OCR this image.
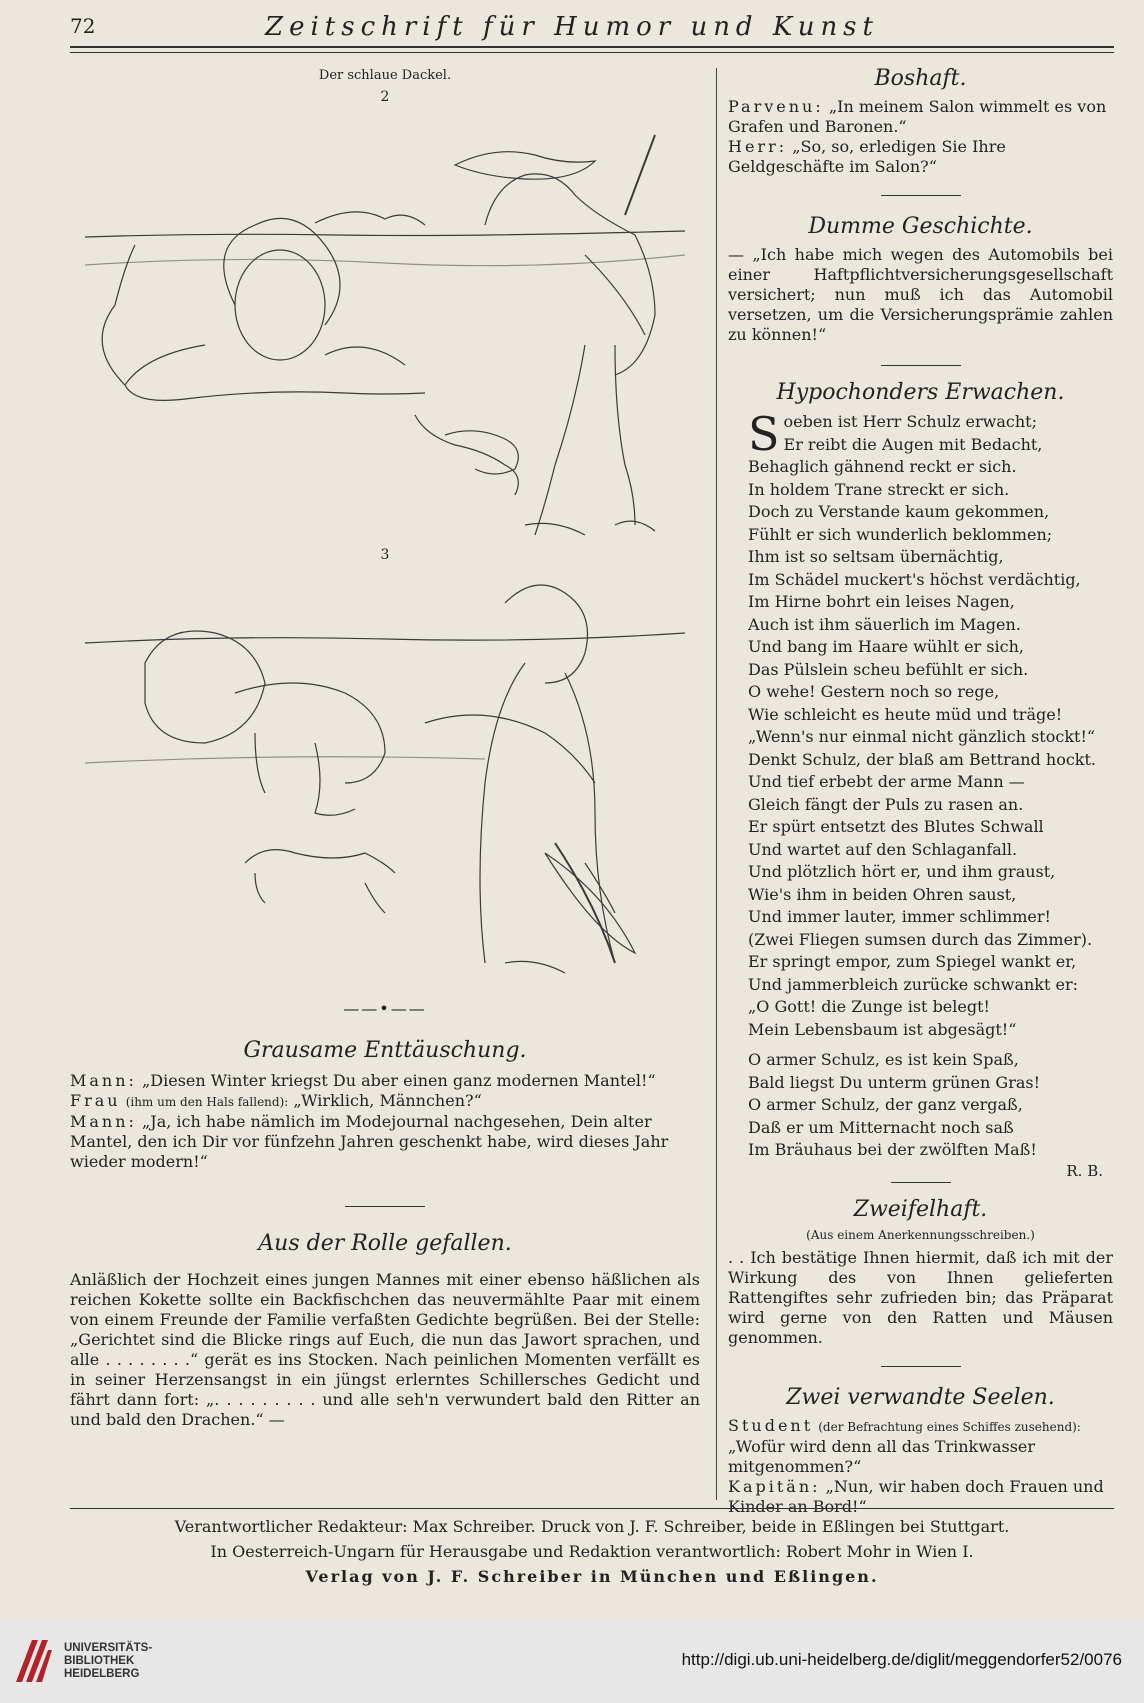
72	Zeitschrift für Humor und Kunst
Der schlaue Dackel.
2
3
——•——
Grausame Enttäuschung.
Mann: „Diesen Winter kriegst Du aber einen ganz modernen Mantel!“
Frau (ihm um den Hals fallend): „Wirklich, Männchen?“
Mann: „Ja, ich habe nämlich im Modejournal nachgesehen, Dein alter Mantel, den ich Dir vor fünfzehn Jahren geschenkt habe, wird dieses Jahr wieder modern!“
Aus der Rolle gefallen.
Anläßlich der Hochzeit eines jungen Mannes mit einer ebenso häßlichen als reichen Kokette sollte ein Backfischchen das neuvermählte Paar mit einem von einem Freunde der Familie verfaßten Gedichte begrüßen. Bei der Stelle: „Gerichtet sind die Blicke rings auf Euch, die nun das Jawort sprachen, und alle . . . . . . . .“ gerät es ins Stocken. Nach peinlichen Momenten verfällt es in seiner Herzensangst in ein jüngst erlerntes Schillersches Gedicht und fährt dann fort: „. . . . . . . . . und alle seh'n verwundert bald den Ritter an und bald den Drachen.“ —
Boshaft.
Parvenu: „In meinem Salon wimmelt es von Grafen und Baronen.“
Herr: „So, so, erledigen Sie Ihre Geldgeschäfte im Salon?“
Dumme Geschichte.
— „Ich habe mich wegen des Automobils bei einer Haftpflichtversicherungsgesellschaft versichert; nun muß ich das Automobil versetzen, um die Versicherungsprämie zahlen zu können!“
Hypochonders Erwachen.
S oeben ist Herr Schulz erwacht;
Er reibt die Augen mit Bedacht,
Behaglich gähnend reckt er sich.
In holdem Trane streckt er sich.
Doch zu Verstande kaum gekommen,
Fühlt er sich wunderlich beklommen;
Ihm ist so seltsam übernächtig,
Im Schädel muckert's höchst verdächtig,
Im Hirne bohrt ein leises Nagen,
Auch ist ihm säuerlich im Magen.
Und bang im Haare wühlt er sich,
Das Pülslein scheu befühlt er sich.
O wehe! Gestern noch so rege,
Wie schleicht es heute müd und träge!
„Wenn's nur einmal nicht gänzlich stockt!“
Denkt Schulz, der blaß am Bettrand hockt.
Und tief erbebt der arme Mann —
Gleich fängt der Puls zu rasen an.
Er spürt entsetzt des Blutes Schwall
Und wartet auf den Schlaganfall.
Und plötzlich hört er, und ihm graust,
Wie's ihm in beiden Ohren saust,
Und immer lauter, immer schlimmer!
(Zwei Fliegen sumsen durch das Zimmer).
Er springt empor, zum Spiegel wankt er,
Und jammerbleich zurücke schwankt er:
„O Gott! die Zunge ist belegt!
Mein Lebensbaum ist abgesägt!“
O armer Schulz, es ist kein Spaß,
Bald liegst Du unterm grünen Gras!
O armer Schulz, der ganz vergaß,
Daß er um Mitternacht noch saß
Im Bräuhaus bei der zwölften Maß!
R. B.
Zweifelhaft.
(Aus einem Anerkennungsschreiben.)
. . Ich bestätige Ihnen hiermit, daß ich mit der Wirkung des von Ihnen gelieferten Rattengiftes sehr zufrieden bin; das Präparat wird gerne von den Ratten und Mäusen genommen.
Zwei verwandte Seelen.
Student (der Befrachtung eines Schiffes zusehend): „Wofür wird denn all das Trinkwasser mitgenommen?“
Kapitän: „Nun, wir haben doch Frauen und Kinder an Bord!“
Verantwortlicher Redakteur: Max Schreiber. Druck von J. F. Schreiber, beide in Eßlingen bei Stuttgart.
In Oesterreich-Ungarn für Herausgabe und Redaktion verantwortlich: Robert Mohr in Wien I.
Verlag von J. F. Schreiber in München und Eßlingen.
UNIVERSITÄTS-
BIBLIOTHEK
HEIDELBERG
http://digi.ub.uni-heidelberg.de/diglit/meggendorfer52/0076
